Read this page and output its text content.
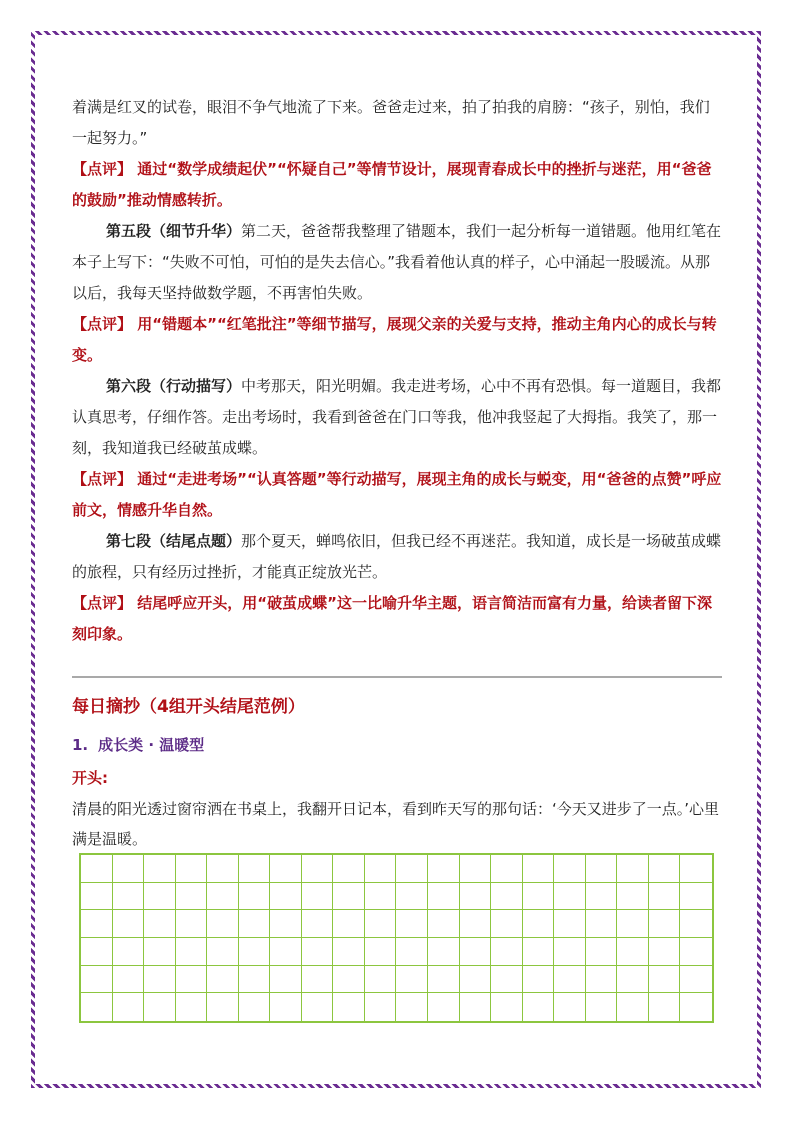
着满是红叉的试卷，眼泪不争气地流了下来。爸爸走过来，拍了拍我的肩膀：“孩子，别怕，我们一起努力。”

【点评】 通过“数学成绩起伏”“怀疑自己”等情节设计，展现青春成长中的挫折与迷茫，用“爸爸的鼓励”推动情感转折。

第五段（细节升华）第二天，爸爸帮我整理了错题本，我们一起分析每一道错题。他用红笔在本子上写下：“失败不可怕，可怕的是失去信心。”我看着他认真的样子，心中涌起一股暖流。从那以后，我每天坚持做数学题，不再害怕失败。

【点评】 用“错题本”“红笔批注”等细节描写，展现父亲的关爱与支持，推动主角内心的成长与转变。

第六段（行动描写）中考那天，阳光明媚。我走进考场，心中不再有恐惧。每一道题目，我都认真思考，仔细作答。走出考场时，我看到爸爸在门口等我，他冲我竖起了大拇指。我笑了，那一刻，我知道我已经破茧成蝶。

【点评】 通过“走进考场”“认真答题”等行动描写，展现主角的成长与蜕变，用“爸爸的点赞”呼应前文，情感升华自然。

第七段（结尾点题）那个夏天，蝉鸣依旧，但我已经不再迷茫。我知道，成长是一场破茧成蝶的旅程，只有经历过挫折，才能真正绽放光芒。

【点评】 结尾呼应开头，用“破茧成蝶”这一比喻升华主题，语言简洁而富有力量，给读者留下深刻印象。

每日摘抄（4组开头结尾范例）
1. 成长类 · 温暖型
开头:

清晨的阳光透过窗帘洒在书桌上，我翻开日记本，看到昨天写的那句话：‘今天又进步了一点。’心里满是温暖。
